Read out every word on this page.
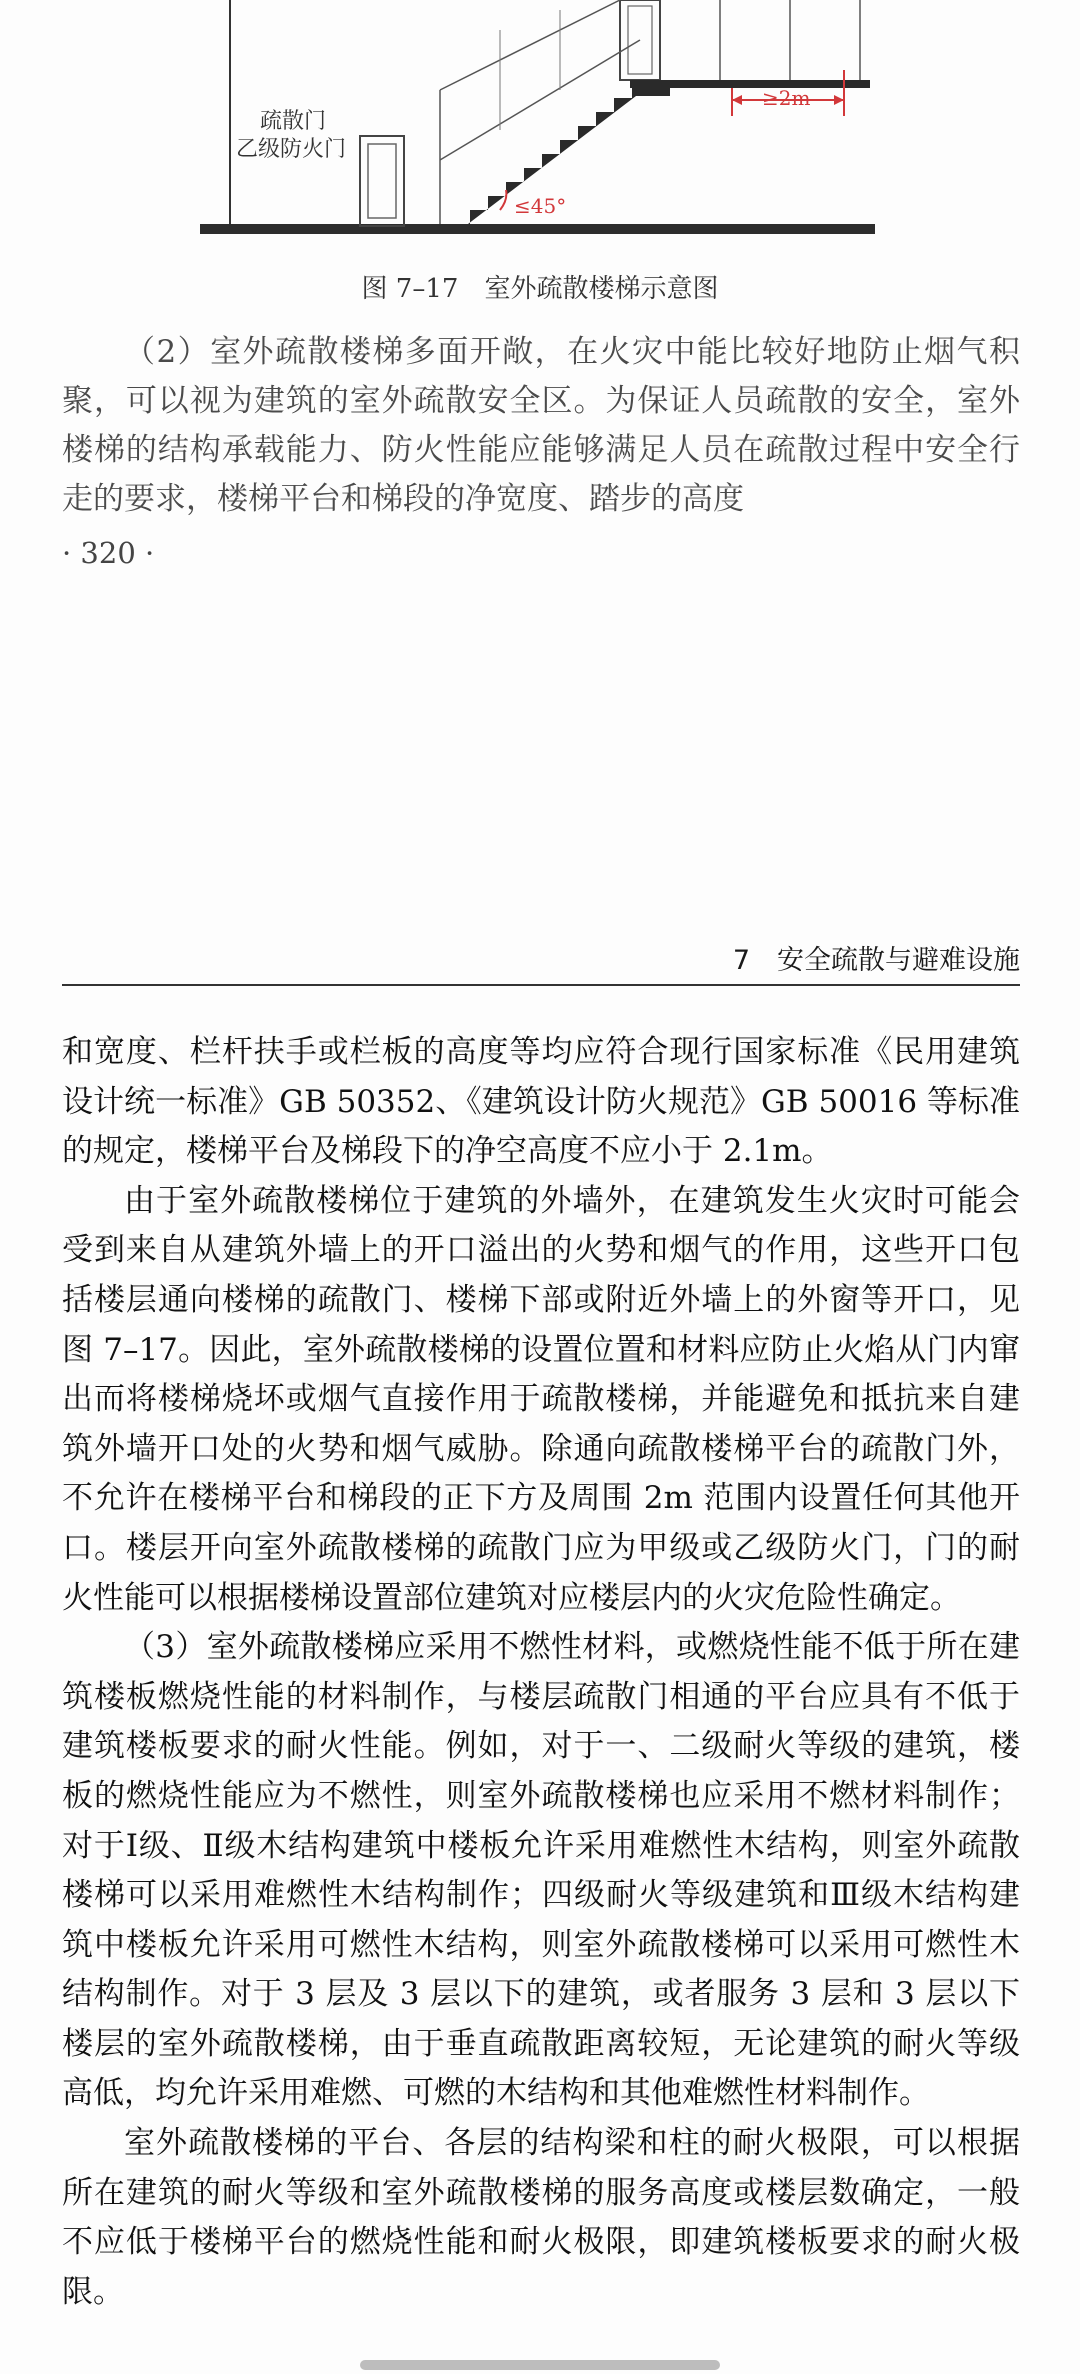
疏散门
乙级防火门
≥2m
≤45°
图 7–17　室外疏散楼梯示意图
（2）室外疏散楼梯多面开敞，在火灾中能比较好地防止烟气积聚，可以视为建筑的室外疏散安全区。为保证人员疏散的安全，室外楼梯的结构承载能力、防火性能应能够满足人员在疏散过程中安全行走的要求，楼梯平台和梯段的净宽度、踏步的高度
· 320 ·
7　安全疏散与避难设施

和宽度、栏杆扶手或栏板的高度等均应符合现行国家标准《民用建筑设计统一标准》GB 50352、《建筑设计防火规范》GB 50016 等标准的规定，楼梯平台及梯段下的净空高度不应小于 2.1m。

由于室外疏散楼梯位于建筑的外墙外，在建筑发生火灾时可能会受到来自从建筑外墙上的开口溢出的火势和烟气的作用，这些开口包括楼层通向楼梯的疏散门、楼梯下部或附近外墙上的外窗等开口，见图 7–17。因此，室外疏散楼梯的设置位置和材料应防止火焰从门内窜出而将楼梯烧坏或烟气直接作用于疏散楼梯，并能避免和抵抗来自建筑外墙开口处的火势和烟气威胁。除通向疏散楼梯平台的疏散门外，不允许在楼梯平台和梯段的正下方及周围 2m 范围内设置任何其他开口。楼层开向室外疏散楼梯的疏散门应为甲级或乙级防火门，门的耐火性能可以根据楼梯设置部位建筑对应楼层内的火灾危险性确定。

（3）室外疏散楼梯应采用不燃性材料，或燃烧性能不低于所在建筑楼板燃烧性能的材料制作，与楼层疏散门相通的平台应具有不低于建筑楼板要求的耐火性能。例如，对于一、二级耐火等级的建筑，楼板的燃烧性能应为不燃性，则室外疏散楼梯也应采用不燃材料制作；对于Ⅰ级、Ⅱ级木结构建筑中楼板允许采用难燃性木结构，则室外疏散楼梯可以采用难燃性木结构制作；四级耐火等级建筑和Ⅲ级木结构建筑中楼板允许采用可燃性木结构，则室外疏散楼梯可以采用可燃性木结构制作。对于 3 层及 3 层以下的建筑，或者服务 3 层和 3 层以下楼层的室外疏散楼梯，由于垂直疏散距离较短，无论建筑的耐火等级高低，均允许采用难燃、可燃的木结构和其他难燃性材料制作。

室外疏散楼梯的平台、各层的结构梁和柱的耐火极限，可以根据所在建筑的耐火等级和室外疏散楼梯的服务高度或楼层数确定，一般不应低于楼梯平台的燃烧性能和耐火极限，即建筑楼板要求的耐火极限。
